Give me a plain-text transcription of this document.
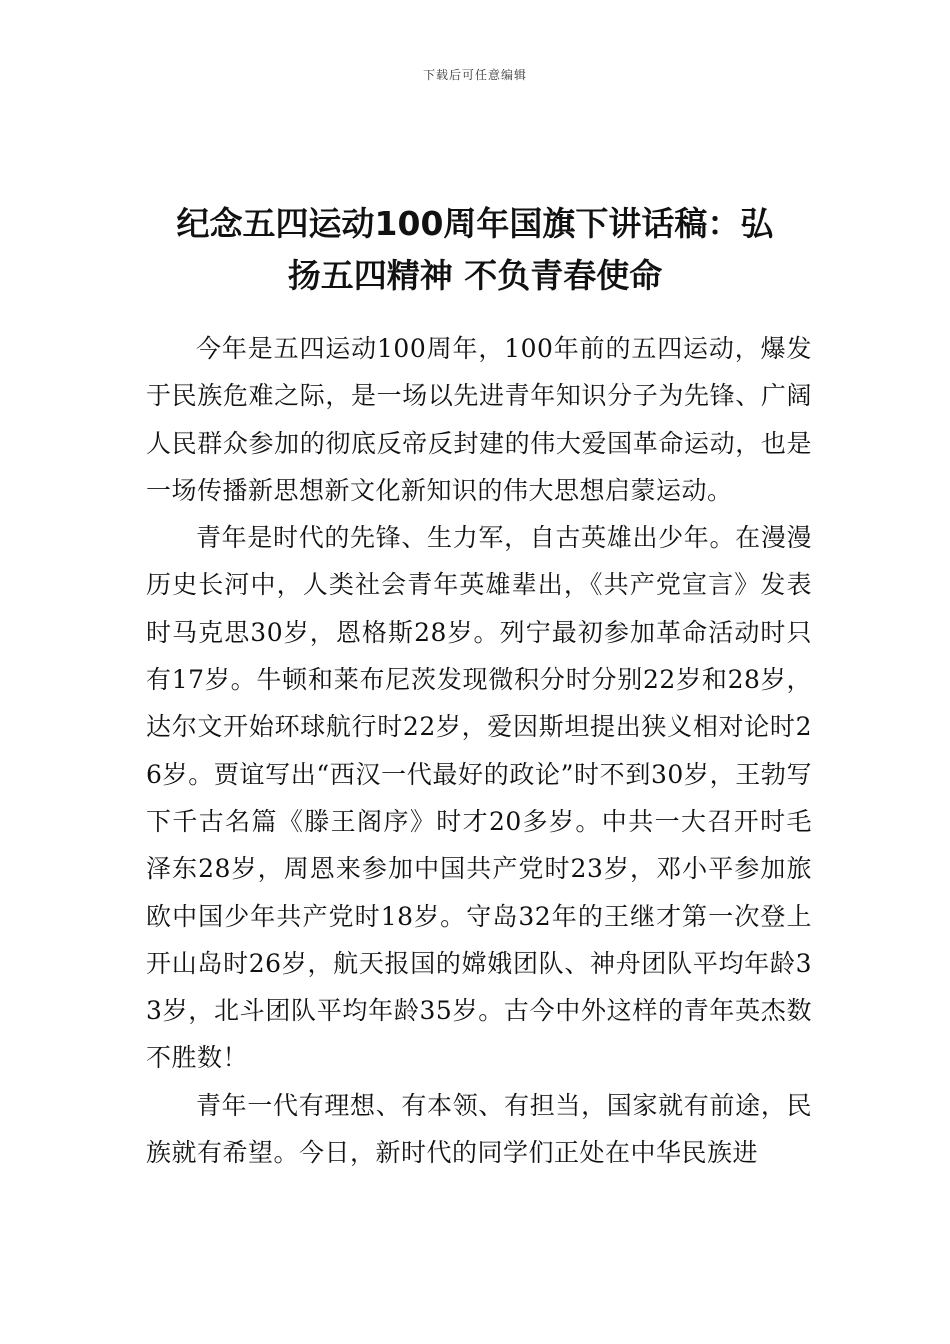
下载后可任意编辑
纪念五四运动100周年国旗下讲话稿：弘
扬五四精神 不负青春使命

今年是五四运动100周年，100年前的五四运动，爆发于民族危难之际，是一场以先进青年知识分子为先锋、广阔人民群众参加的彻底反帝反封建的伟大爱国革命运动，也是一场传播新思想新文化新知识的伟大思想启蒙运动。

青年是时代的先锋、生力军，自古英雄出少年。在漫漫历史长河中，人类社会青年英雄辈出，《共产党宣言》发表时马克思30岁，恩格斯28岁。列宁最初参加革命活动时只有17岁。牛顿和莱布尼茨发现微积分时分别22岁和28岁，达尔文开始环球航行时22岁，爱因斯坦提出狭义相对论时26岁。贾谊写出“西汉一代最好的政论”时不到30岁，王勃写下千古名篇《滕王阁序》时才20多岁。中共一大召开时毛泽东28岁，周恩来参加中国共产党时23岁，邓小平参加旅欧中国少年共产党时18岁。守岛32年的王继才第一次登上开山岛时26岁，航天报国的嫦娥团队、神舟团队平均年龄33岁，北斗团队平均年龄35岁。古今中外这样的青年英杰数不胜数！

青年一代有理想、有本领、有担当，国家就有前途，民族就有希望。今日，新时代的同学们正处在中华民族进
